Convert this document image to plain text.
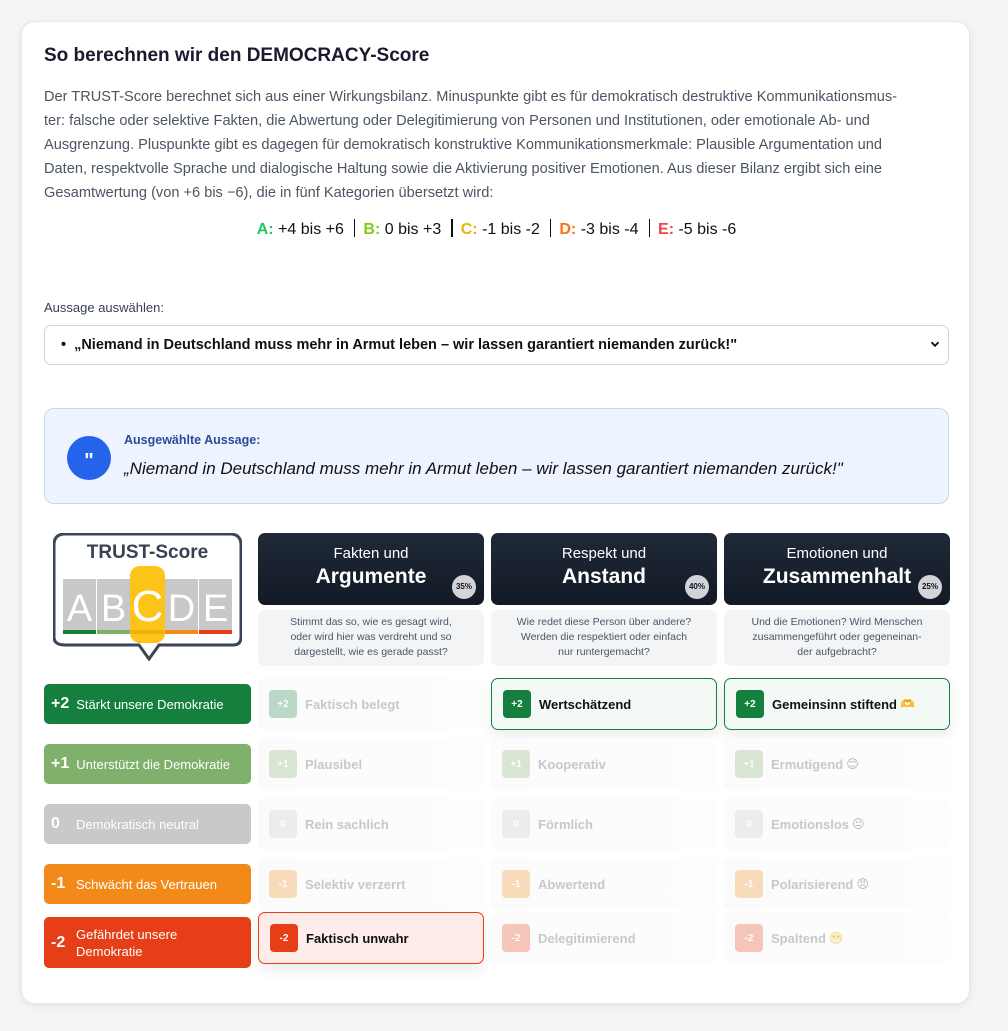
So berechnen wir den DEMOCRACY-Score
Der TRUST-Score berechnet sich aus einer Wirkungsbilanz. Minuspunkte gibt es für demokratisch destruktive Kommunikationsmus-
ter: falsche oder selektive Fakten, die Abwertung oder Delegitimierung von Personen und Institutionen, oder emotionale Ab- und
Ausgrenzung. Pluspunkte gibt es dagegen für demokratisch konstruktive Kommunikationsmerkmale: Plausible Argumentation und
Daten, respektvolle Sprache und dialogische Haltung sowie die Aktivierung positiver Emotionen. Aus dieser Bilanz ergibt sich eine
Gesamtwertung (von +6 bis −6), die in fünf Kategorien übersetzt wird:
A: +4 bis +6 B: 0 bis +3 C: -1 bis -2 D: -3 bis -4 E: -5 bis -6
Aussage auswählen:
• „Niemand in Deutschland muss mehr in Armut leben – wir lassen garantiert niemanden zurück!"
"
Ausgewählte Aussage:
„Niemand in Deutschland muss mehr in Armut leben – wir lassen garantiert niemanden zurück!"
TRUST-Score
A B C D E
Fakten und
Argumente	35%
Stimmt das so, wie es gesagt wird,
oder wird hier was verdreht und so
dargestellt, wie es gerade passt?
Respekt und
Anstand	40%
Wie redet diese Person über andere?
Werden die respektiert oder einfach
nur runtergemacht?
Emotionen und
Zusammenhalt	25%
Und die Emotionen? Wird Menschen
zusammengeführt oder gegeneinan-
der aufgebracht?
+2 Stärkt unsere Demokratie	+2	Faktisch belegt	+2	Wertschätzend	+2	Gemeinsinn stiftend 🫶
+1 Unterstützt die Demokratie	+1	Plausibel	+1	Kooperativ	+1	Ermutigend 😊
0	Demokratisch neutral	0	Rein sachlich	0	Förmlich	0	Emotionslos 😐
-1 Schwächt das Vertrauen	-1	Selektiv verzerrt	-1	Abwertend	-1	Polarisierend 😠
-2 Gefährdet unsere
Demokratie
-2	Faktisch unwahr	-2	Delegitimierend	-2	Spaltend 😬
